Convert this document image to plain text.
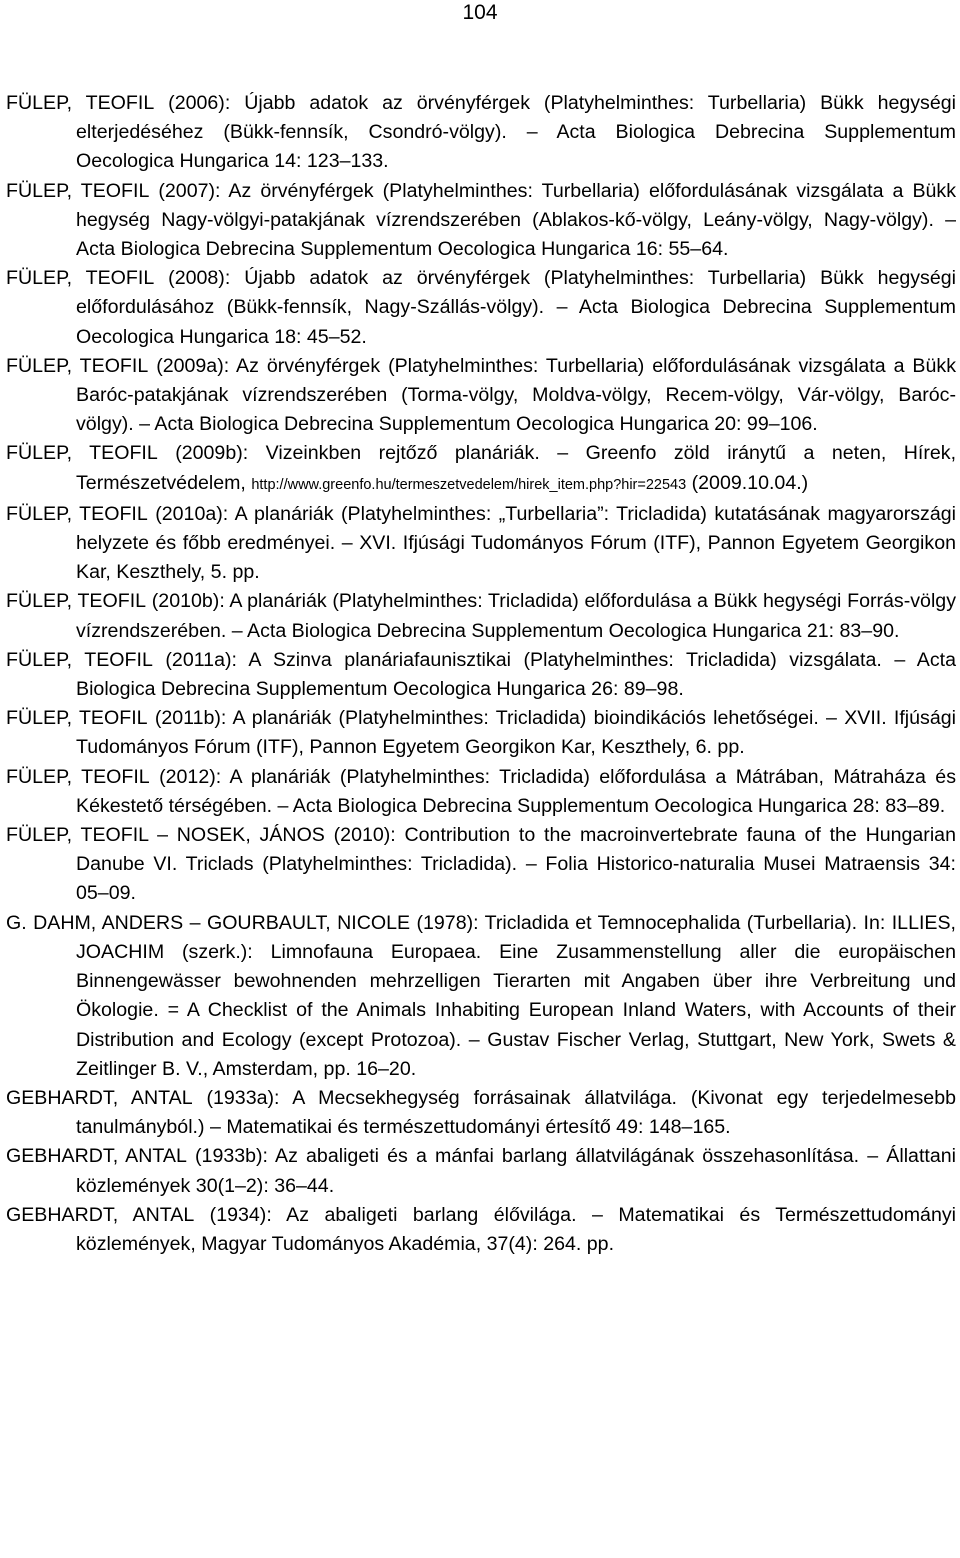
104
FÜLEP, TEOFIL (2006): Újabb adatok az örvényférgek (Platyhelminthes: Turbellaria) Bükk hegységi elterjedéséhez (Bükk-fennsík, Csondró-völgy). – Acta Biologica Debrecina Supplementum Oecologica Hungarica 14: 123–133.
FÜLEP, TEOFIL (2007): Az örvényférgek (Platyhelminthes: Turbellaria) előfordulásának vizsgálata a Bükk hegység Nagy-völgyi-patakjának vízrendszerében (Ablakos-kő-völgy, Leány-völgy, Nagy-völgy). – Acta Biologica Debrecina Supplementum Oecologica Hungarica 16: 55–64.
FÜLEP, TEOFIL (2008): Újabb adatok az örvényférgek (Platyhelminthes: Turbellaria) Bükk hegységi előfordulásához (Bükk-fennsík, Nagy-Szállás-völgy). – Acta Biologica Debrecina Supplementum Oecologica Hungarica 18: 45–52.
FÜLEP, TEOFIL (2009a): Az örvényférgek (Platyhelminthes: Turbellaria) előfordulásának vizsgálata a Bükk Baróc-patakjának vízrendszerében (Torma-völgy, Moldva-völgy, Recem-völgy, Vár-völgy, Baróc-völgy). – Acta Biologica Debrecina Supplementum Oecologica Hungarica 20: 99–106.
FÜLEP, TEOFIL (2009b): Vizeinkben rejtőző planáriák. – Greenfo zöld iránytű a neten, Hírek, Természetvédelem, http://www.greenfo.hu/termeszetvedelem/hirek_item.php?hir=22543 (2009.10.04.)
FÜLEP, TEOFIL (2010a): A planáriák (Platyhelminthes: „Turbellaria”: Tricladida) kutatásának magyarországi helyzete és főbb eredményei. – XVI. Ifjúsági Tudományos Fórum (ITF), Pannon Egyetem Georgikon Kar, Keszthely, 5. pp.
FÜLEP, TEOFIL (2010b): A planáriák (Platyhelminthes: Tricladida) előfordulása a Bükk hegységi Forrás-völgy vízrendszerében. – Acta Biologica Debrecina Supplementum Oecologica Hungarica 21: 83–90.
FÜLEP, TEOFIL (2011a): A Szinva planáriafaunisztikai (Platyhelminthes: Tricladida) vizsgálata. – Acta Biologica Debrecina Supplementum Oecologica Hungarica 26: 89–98.
FÜLEP, TEOFIL (2011b): A planáriák (Platyhelminthes: Tricladida) bioindikációs lehetőségei. – XVII. Ifjúsági Tudományos Fórum (ITF), Pannon Egyetem Georgikon Kar, Keszthely, 6. pp.
FÜLEP, TEOFIL (2012): A planáriák (Platyhelminthes: Tricladida) előfordulása a Mátrában, Mátraháza és Kékestető térségében. – Acta Biologica Debrecina Supplementum Oecologica Hungarica 28: 83–89.
FÜLEP, TEOFIL – NOSEK, JÁNOS (2010): Contribution to the macroinvertebrate fauna of the Hungarian Danube VI. Triclads (Platyhelminthes: Tricladida). – Folia Historico-naturalia Musei Matraensis 34: 05–09.
G. DAHM, ANDERS – GOURBAULT, NICOLE (1978): Tricladida et Temnocephalida (Turbellaria). In: ILLIES, JOACHIM (szerk.): Limnofauna Europaea. Eine Zusammenstellung aller die europäischen Binnengewässer bewohnenden mehrzelligen Tierarten mit Angaben über ihre Verbreitung und Ökologie. = A Checklist of the Animals Inhabiting European Inland Waters, with Accounts of their Distribution and Ecology (except Protozoa). – Gustav Fischer Verlag, Stuttgart, New York, Swets & Zeitlinger B. V., Amsterdam, pp. 16–20.
GEBHARDT, ANTAL (1933a): A Mecsekhegység forrásainak állatvilága. (Kivonat egy terjedelmesebb tanulmányból.) – Matematikai és természettudományi értesítő 49: 148–165.
GEBHARDT, ANTAL (1933b): Az abaligeti és a mánfai barlang állatvilágának összehasonlítása. – Állattani közlemények 30(1–2): 36–44.
GEBHARDT, ANTAL (1934): Az abaligeti barlang élővilága. – Matematikai és Természettudományi közlemények, Magyar Tudományos Akadémia, 37(4): 264. pp.
